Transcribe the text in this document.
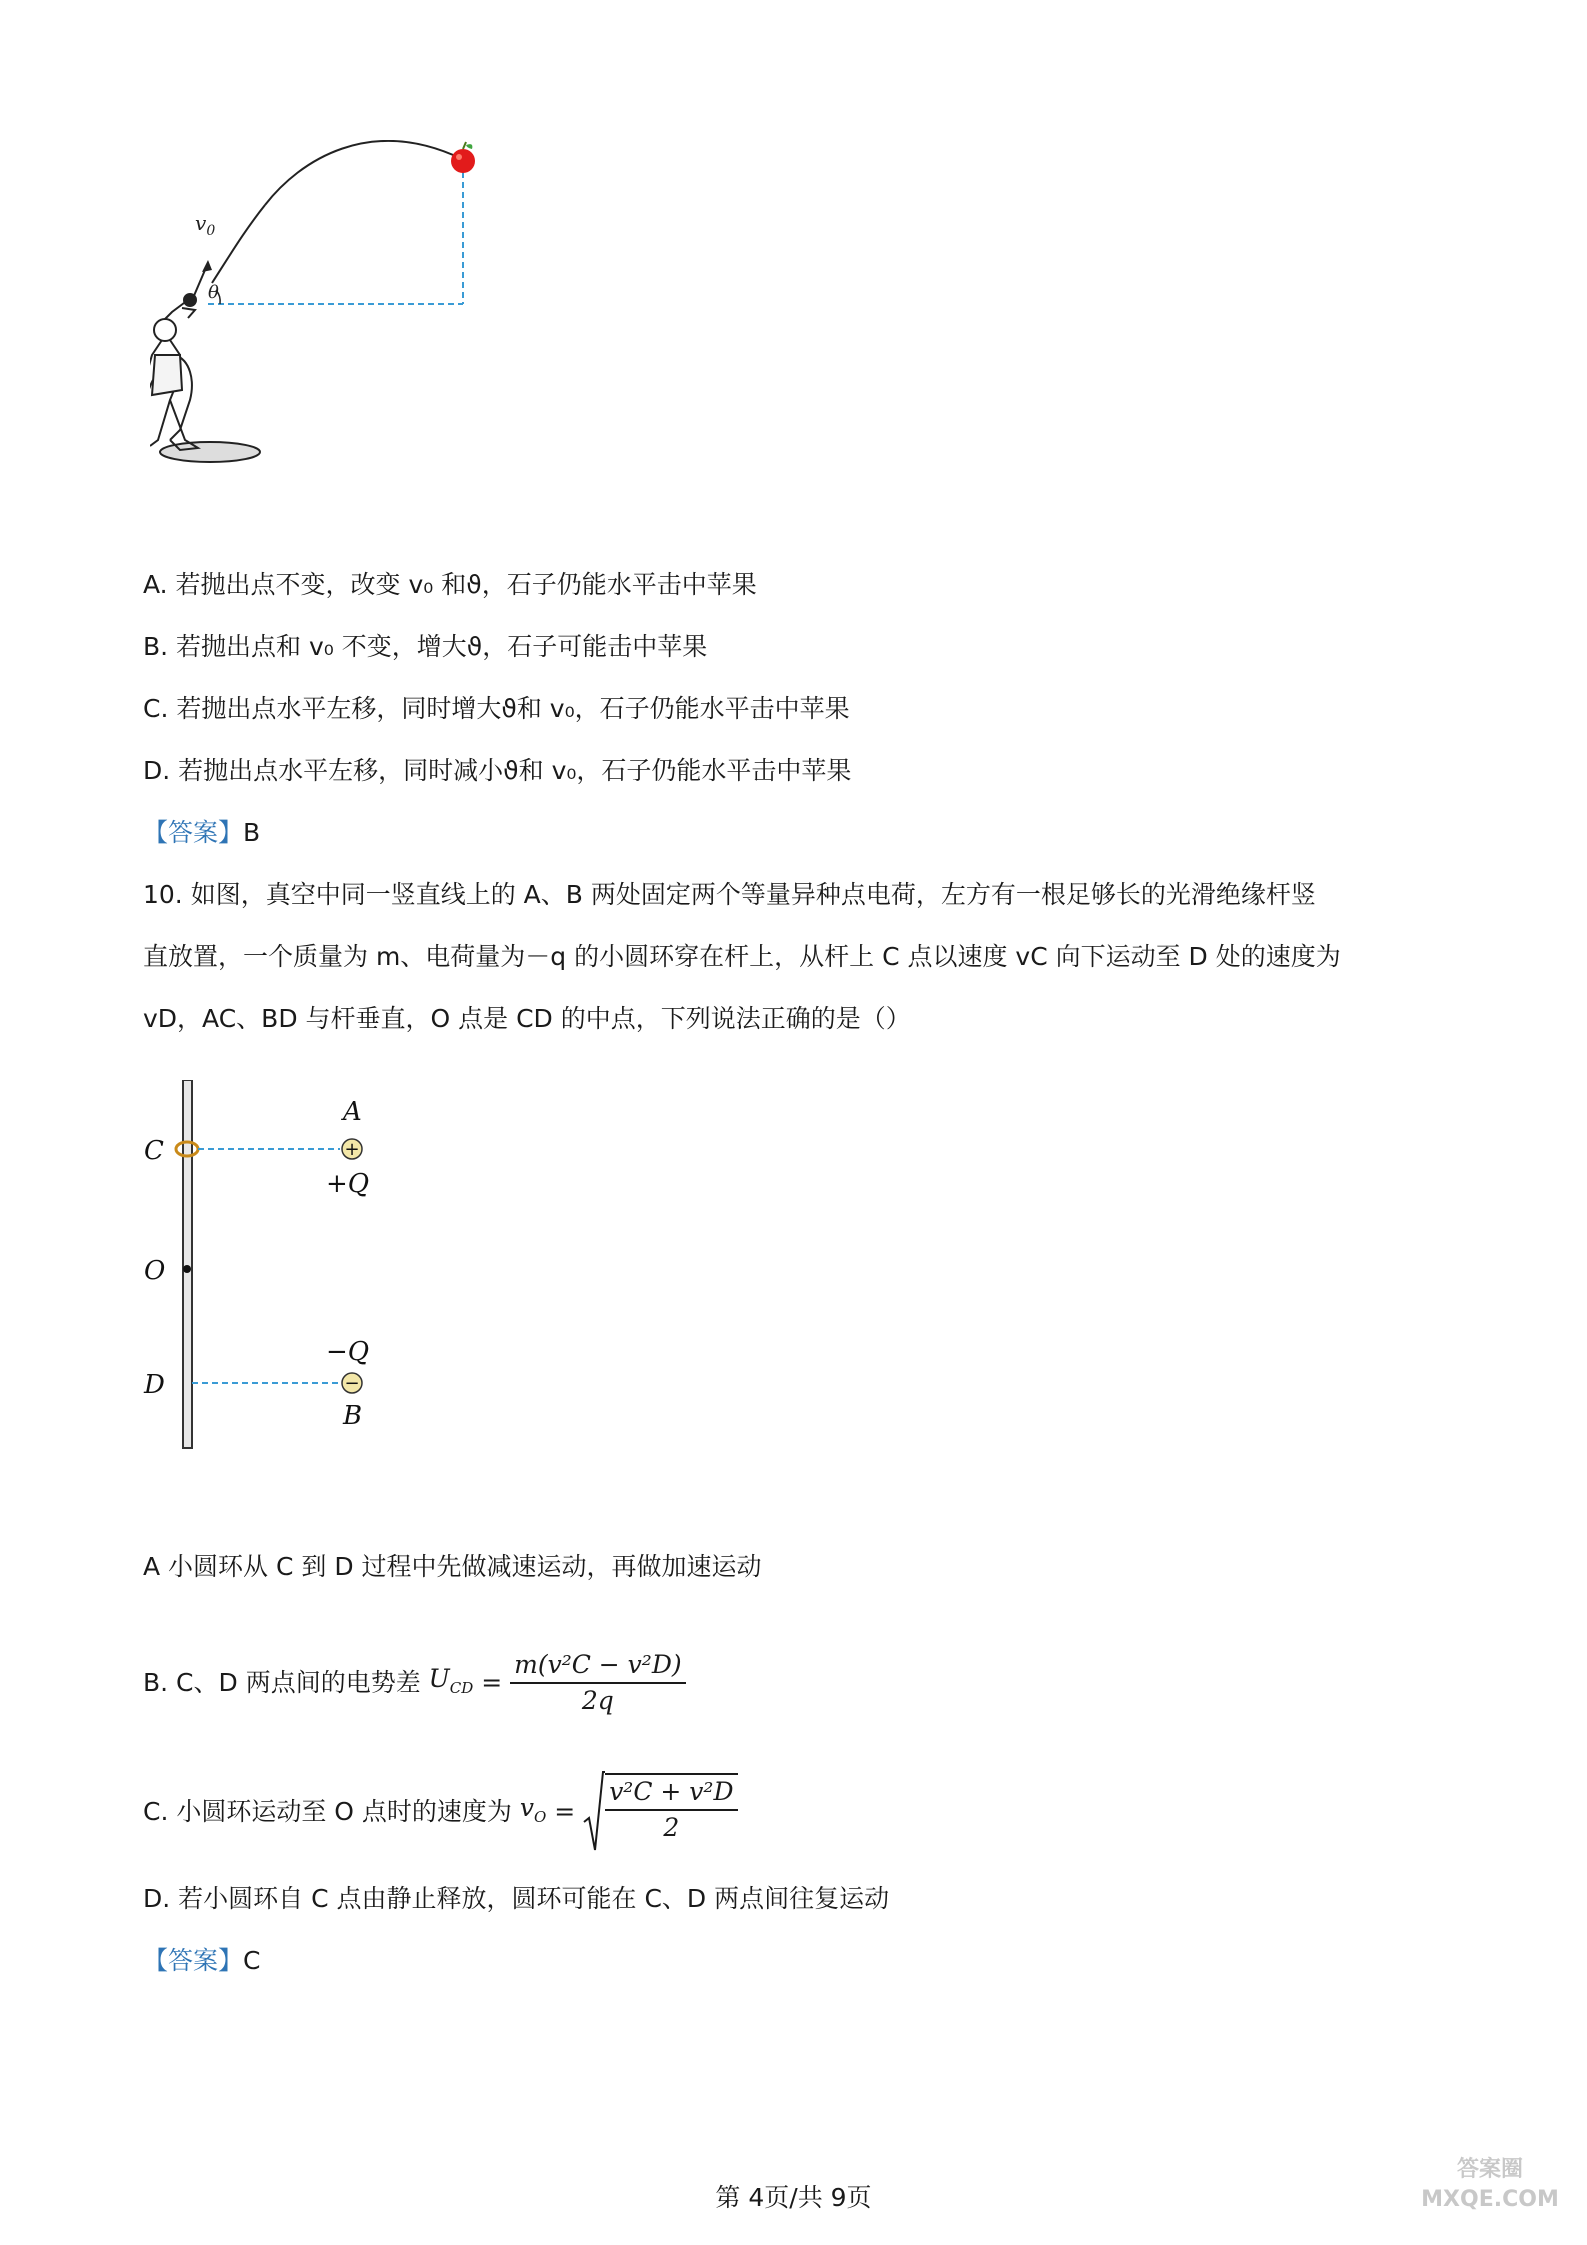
$v_0$
θ
A. 若抛出点不变，改变 v₀ 和ϑ，石子仍能水平击中苹果
B. 若抛出点和 v₀ 不变，增大ϑ，石子可能击中苹果
C. 若抛出点水平左移，同时增大ϑ和 v₀，石子仍能水平击中苹果
D. 若抛出点水平左移，同时减小ϑ和 v₀，石子仍能水平击中苹果
【答案】B
10. 如图，真空中同一竖直线上的 A、B 两处固定两个等量异种点电荷，左方有一根足够长的光滑绝缘杆竖
直放置，一个质量为 m、电荷量为－q 的小圆环穿在杆上，从杆上 C 点以速度 vC 向下运动至 D 处的速度为
vD，AC、BD 与杆垂直，O 点是 CD 的中点，下列说法正确的是（）
+
−
A
+Q
C
O
D
−Q
B
A 小圆环从 C 到 D 过程中先做减速运动，再做加速运动
B. C、D 两点间的电势差 $U_{CD} = \frac{\text{m(v²C − v²D)}}{2q}$
C. 小圆环运动至 O 点时的速度为 $v_O = \frac{\text{v²C + v²D}}{2}$
D. 若小圆环自 C 点由静止释放，圆环可能在 C、D 两点间往复运动
【答案】C
第 4页/共 9页
答案圈 MXQE.COM
